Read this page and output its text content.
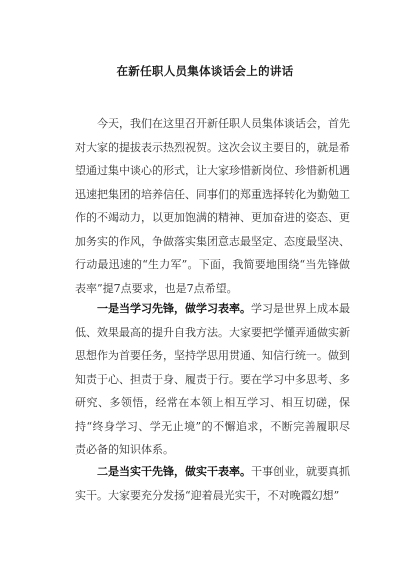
在新任职人员集体谈话会上的讲话

今天，我们在这里召开新任职人员集体谈话会，首先对大家的提拔表示热烈祝贺。这次会议主要目的，就是希望通过集中谈心的形式，让大家珍惜新岗位、珍惜新机遇迅速把集团的培养信任、同事们的郑重选择转化为勤勉工作的不竭动力，以更加饱满的精神、更加奋进的姿态、更加务实的作风，争做落实集团意志最坚定、态度最坚决、行动最迅速的“生力军”。下面，我简要地围绕“当先锋做表率”提7点要求，也是7点希望。

一是当学习先锋，做学习表率。学习是世界上成本最低、效果最高的提升自我方法。大家要把学懂弄通做实新思想作为首要任务，坚持学思用贯通、知信行统一。做到知责于心、担责于身、履责于行。要在学习中多思考、多研究、多领悟，经常在本领上相互学习、相互切磋，保持“终身学习、学无止境”的不懈追求，不断完善履职尽责必备的知识体系。

二是当实干先锋，做实干表率。干事创业，就要真抓实干。大家要充分发扬“迎着晨光实干，不对晚霞幻想”
